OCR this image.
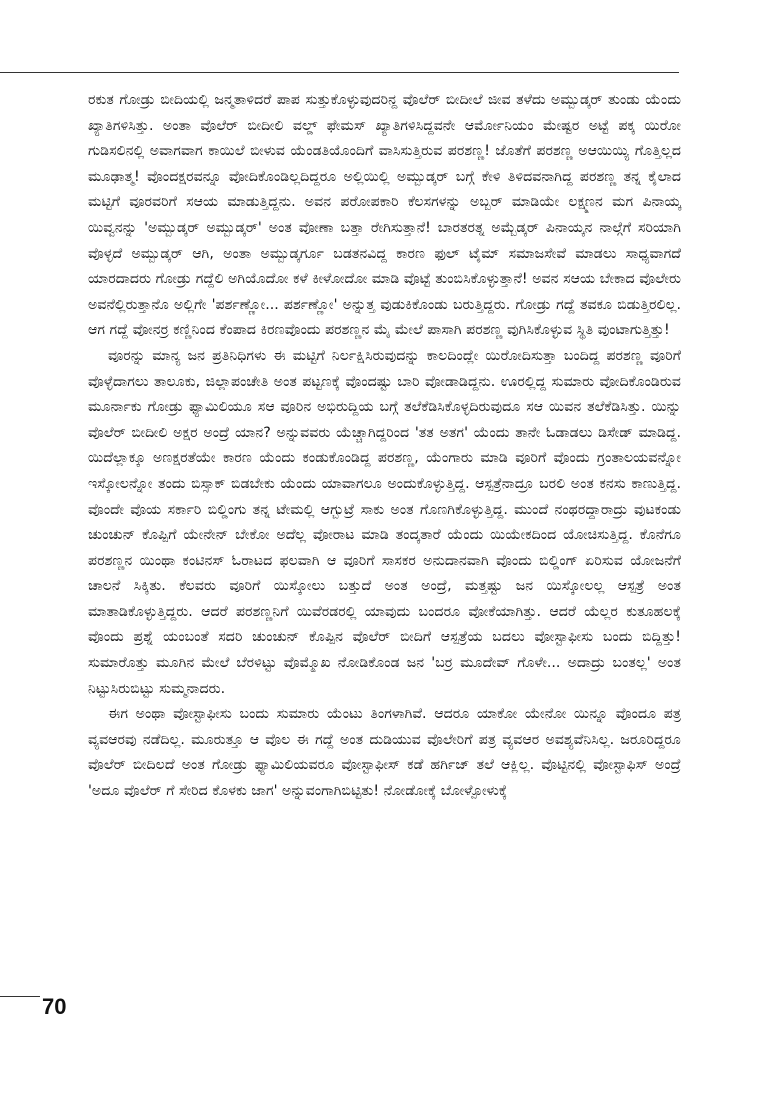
ರಕುತ ಗೋಡ್ರು ಬೀದಿಯಲ್ಲಿ ಜನ್ಮತಾಳಿದರೆ ಪಾಪ ಸುತ್ತುಕೊಳ್ಳುವುದರಿನ್ದ ವೊಲೆರ್ ಬೀದೀಲೆ ಜೀವ ತಳೆದು ಅಮ್ಬುಡ್ಕರ್ ತುಂಡು ಯೆಂದು ಖ್ಯಾತಿಗಳಿಸಿತ್ತು. ಅಂತಾ ವೊಲೆರ್ ಬೀದೀಲಿ ವಲ್ಡ್ ಫೇಮಸ್ ಖ್ಯಾತಿಗಳಿಸಿದ್ದವನೇ ಆರ್ಮೋನಿಯಂ ಮೇಷ್ಟರ ಅಟ್ಟೆ ಪಕ್ಕ ಯಿರೋ ಗುಡಿಸಲಿನಲ್ಲಿ ಅವಾಗವಾಗ ಕಾಯಿಲೆ ಬೀಳುವ ಯೆಂಡತಿಯೊಂದಿಗೆ ವಾಸಿಸುತ್ತಿರುವ ಪರಶಣ್ಣ! ಜೊತೆಗೆ ಪರಶಣ್ಣ ಅಆಯಿಯ್ಯಿ ಗೊತ್ತಿಲ್ಲದ ಮೂಢಾತ್ಮ! ವೊಂದಕ್ಷರವನ್ನೂ ವೋದಿಕೊಂಡಿಲ್ಲದಿದ್ದರೂ ಅಲ್ಲಿಯಿಲ್ಲಿ ಅಮ್ಬುಡ್ಕರ್ ಬಗ್ಗೆ ಕೇಳಿ ತಿಳಿದವನಾಗಿದ್ದ ಪರಶಣ್ಣ ತನ್ನ ಕೈಲಾದ ಮಟ್ಟಿಗೆ ವೂರವರಿಗೆ ಸಆಯ ಮಾಡುತ್ತಿದ್ದನು. ಅವನ ಪರೋಪಕಾರಿ ಕೆಲಸಗಳನ್ನು ಅಬ್ಬರ್ ಮಾಡಿಯೇ ಲಕ್ಷ್ಮಣನ ಮಗ ಪಿನಾಯ್ಕ ಯಿವ್ವನನ್ನು 'ಅಮ್ಬುಡ್ಕರ್ ಅಮ್ಬುಡ್ಕರ್' ಅಂತ ವೋಣಾ ಬತ್ತಾ ರೇಗಿಸುತ್ತಾನೆ! ಬಾರತರತ್ನ ಅಮ್ಬೆಡ್ಕರ್ ಪಿನಾಯ್ಕನ ನಾಲ್ಗೆಗೆ ಸರಿಯಾಗಿ ವೊಳ್ಳದೆ ಅಮ್ಬುಡ್ಕರ್ ಆಗಿ, ಅಂತಾ ಅಮ್ಬುಡ್ಕರ್ಗೂ ಬಡತನವಿದ್ದ ಕಾರಣ ಫುಲ್ ಟೈಮ್ ಸಮಾಜಸೇವೆ ಮಾಡಲು ಸಾಧ್ಯವಾಗದೆ ಯಾರದಾದರು ಗೋಡ್ರು ಗದ್ದೆಲಿ ಅಗಿಯೊದೋ ಕಳೆ ಕೀಳೋದೋ ಮಾಡಿ ವೊಟ್ಟೆ ತುಂಬಿಸಿಕೊಳ್ಳುತ್ತಾನೆ! ಅವನ ಸಆಯ ಬೇಕಾದ ವೊಲೇರು ಅವನೆಲ್ಲಿರುತ್ತಾನೊ ಅಲ್ಲಿಗೇ 'ಪರ್ಶಣ್ಣೋ... ಪರ್ಶಣ್ಣೋ' ಅನ್ನುತ್ತ ವುಡುಕಿಕೊಂಡು ಬರುತ್ತಿದ್ದರು. ಗೋಡ್ರು ಗದ್ದೆ ತವಕೂ ಬಿಡುತ್ತಿರಲಿಲ್ಲ. ಆಗ ಗದ್ದೆ ವೋನರ್ರ ಕಣ್ಣಿನಿಂದ ಕೆಂಪಾದ ಕಿರಣವೊಂದು ಪರಶಣ್ಣನ ಮೈ ಮೇಲೆ ಪಾಸಾಗಿ ಪರಶಣ್ಣ ವುಗಿಸಿಕೊಳ್ಳುವ ಸ್ಥಿತಿ ವುಂಟಾಗುತ್ತಿತ್ತು!

ವೂರನ್ನು ಮಾನ್ಯ ಜನ ಪ್ರತಿನಿಧಿಗಳು ಈ ಮಟ್ಟಿಗೆ ನಿರ್ಲಕ್ಷಿಸಿರುವುದನ್ನು ಕಾಲದಿಂದ್ಲೇ ಯಿರೋದಿಸುತ್ತಾ ಬಂದಿದ್ದ ಪರಶಣ್ಣ ವೂರಿಗೆ ವೊಳ್ಳೆದಾಗಲು ತಾಲೂಕು, ಜಿಲ್ಲಾಪಂಚೇತಿ ಅಂತ ಪಟ್ಟಣಕ್ಕೆ ವೊಂದಷ್ಟು ಬಾರಿ ವೋಡಾಡಿದ್ದನು. ಊರಲ್ಲಿದ್ದ ಸುಮಾರು ವೋದಿಕೊಂಡಿರುವ ಮೂರ್ನಾಕು ಗೋಡ್ರು ಫ್ಯಾಮಿಲಿಯೂ ಸಆ ವೂರಿನ ಅಭಿರುದ್ದಿಯ ಬಗ್ಗೆ ತಲೆಕೆಡಿಸಿಕೊಳ್ಳದಿರುವುದೂ ಸಆ ಯಿವನ ತಲೆಕೆಡಿಸಿತ್ತು. ಯಿನ್ನು ವೊಲೆರ್ ಬೀದೀಲಿ ಅಕ್ಷರ ಅಂದ್ರೆ ಯಾನ? ಅನ್ನುವವರು ಯೆಚ್ಚಾಗಿದ್ದರಿಂದ 'ತತ ಅತಗ' ಯೆಂದು ತಾನೇ ಓಡಾಡಲು ಡಿಸೇಡ್ ಮಾಡಿದ್ದ. ಯಿದೆಲ್ಲಾಕ್ಕೂ ಅಣಕ್ಷರತೆಯೇ ಕಾರಣ ಯೆಂದು ಕಂಡುಕೊಂಡಿದ್ದ ಪರಶಣ್ಣ, ಯೆಂಗಾರು ಮಾಡಿ ವೂರಿಗೆ ವೊಂದು ಗ್ರಂತಾಲಯವನ್ನೋ ಇಸ್ಕೋಲನ್ನೋ ತಂದು ಬಿಸ್ಸಾಕ್ ಬಿಡಬೇಕು ಯೆಂದು ಯಾವಾಗಲೂ ಅಂದುಕೊಳ್ಳುತ್ತಿದ್ದ. ಆಸ್ಪತ್ರೆನಾದ್ರೂ ಬರಲಿ ಅಂತ ಕನಸು ಕಾಣುತ್ತಿದ್ದ. ವೊಂದೇ ವೊಯ ಸರ್ಕಾರಿ ಬಿಲ್ಡಿಂಗು ತನ್ನ ಟೇಮಲ್ಲಿ ಆಗ್ಬುಟ್ರೆ ಸಾಕು ಅಂತ ಗೊಣಗಿಕೊಳ್ಳುತ್ತಿದ್ದ. ಮುಂದೆ ನಂಥರದ್ದಾರಾದ್ರು ವುಟಕಂಡು ಚುಂಚುನ್ ಕೊಪ್ಪಿಗೆ ಯೇನೇನ್ ಬೇಕೋ ಅದೆಲ್ಲ ವೋರಾಟ ಮಾಡಿ ತಂದ್ಕತಾರೆ ಯೆಂದು ಯಿಯೇಕದಿಂದ ಯೋಚಿಸುತ್ತಿದ್ದ. ಕೊನೆಗೂ ಪರಶಣ್ಣನ ಯಿಂಥಾ ಕಂಟಿನಸ್ ಓರಾಟದ ಫಲವಾಗಿ ಆ ವೂರಿಗೆ ಸಾಸಕರ ಅನುದಾನವಾಗಿ ವೊಂದು ಬಿಲ್ಡಿಂಗ್ ಏರಿಸುವ ಯೋಜನೆಗೆ ಚಾಲನೆ ಸಿಕ್ಕಿತು. ಕೆಲವರು ವೂರಿಗೆ ಯಿಸ್ಕೋಲು ಬತ್ತುದೆ ಅಂತ ಅಂದ್ರೆ, ಮತ್ತಷ್ಟು ಜನ ಯಿಸ್ಕೋಲಲ್ಲ ಆಸ್ಪತ್ರೆ ಅಂತ ಮಾತಾಡಿಕೊಳ್ಳುತ್ತಿದ್ದರು. ಆದರೆ ಪರಶಣ್ಣನಿಗೆ ಯಿವೆರಡರಲ್ಲಿ ಯಾವುದು ಬಂದರೂ ವೋಕೆಯಾಗಿತ್ತು. ಆದರೆ ಯೆಲ್ಲರ ಕುತೂಹಲಕ್ಕೆ ವೊಂದು ಪ್ರಶ್ನೆ ಯಂಬಂತೆ ಸದರಿ ಚುಂಚುನ್ ಕೊಪ್ಪಿನ ವೊಲೆರ್ ಬೀದಿಗೆ ಆಸ್ಪತ್ರೆಯ ಬದಲು ವೋಸ್ಟಾಫೀಸು ಬಂದು ಬಿದ್ದಿತ್ತು! ಸುಮಾರೊತ್ತು ಮೂಗಿನ ಮೇಲೆ ಬೆರಳಿಟ್ಟು ವೊಮ್ಮೊಖ ನೋಡಿಕೊಂಡ ಜನ 'ಬರ್ರ ಮೂದೇವ್ ಗೊಳೇ... ಅದಾದ್ರು ಬಂತಲ್ಲ' ಅಂತ ನಿಟ್ಟುಸಿರುಬಿಟ್ಟು ಸುಮ್ಮನಾದರು.

ಈಗ ಅಂಥಾ ವೋಸ್ಟಾಫೀಸು ಬಂದು ಸುಮಾರು ಯೆಂಟು ತಿಂಗಳಾಗಿವೆ. ಆದರೂ ಯಾಕೋ ಯೇನೋ ಯಿನ್ನೂ ವೊಂದೂ ಪತ್ರ ವ್ಯವಆರವು ನಡೆದಿಲ್ಲ. ಮೂರುತ್ತೂ ಆ ವೊಲ ಈ ಗದ್ದೆ ಅಂತ ದುಡಿಯುವ ವೊಲೇರಿಗೆ ಪತ್ರ ವ್ಯವಆರ ಅವಶ್ಯವೆನಿಸಿಲ್ಲ. ಜರೂರಿದ್ದರೂ ವೊಲೆರ್ ಬೀದಿಲದೆ ಅಂತ ಗೋಡ್ರು ಫ್ಯಾಮಿಲಿಯವರೂ ವೋಸ್ಟಾಫೀಸ್ ಕಡೆ ಹರ್ಗಿಜ್ ತಲೆ ಆಕ್ಲಿಲ್ಲ. ವೊಟ್ಟಿನಲ್ಲಿ ವೋಸ್ಟಾಫಿಸ್ ಅಂದ್ರೆ 'ಅದೂ ವೊಲೆರ್ ಗೆ ಸೇರಿದ ಕೊಳಕು ಜಾಗ' ಅನ್ನುವಂಗಾಗಿಬಿಟ್ಟಿತು! ನೋಡೋಕ್ಕೆ ಬೋಳ್ಪೋಳುಕ್ಕೆ

70
